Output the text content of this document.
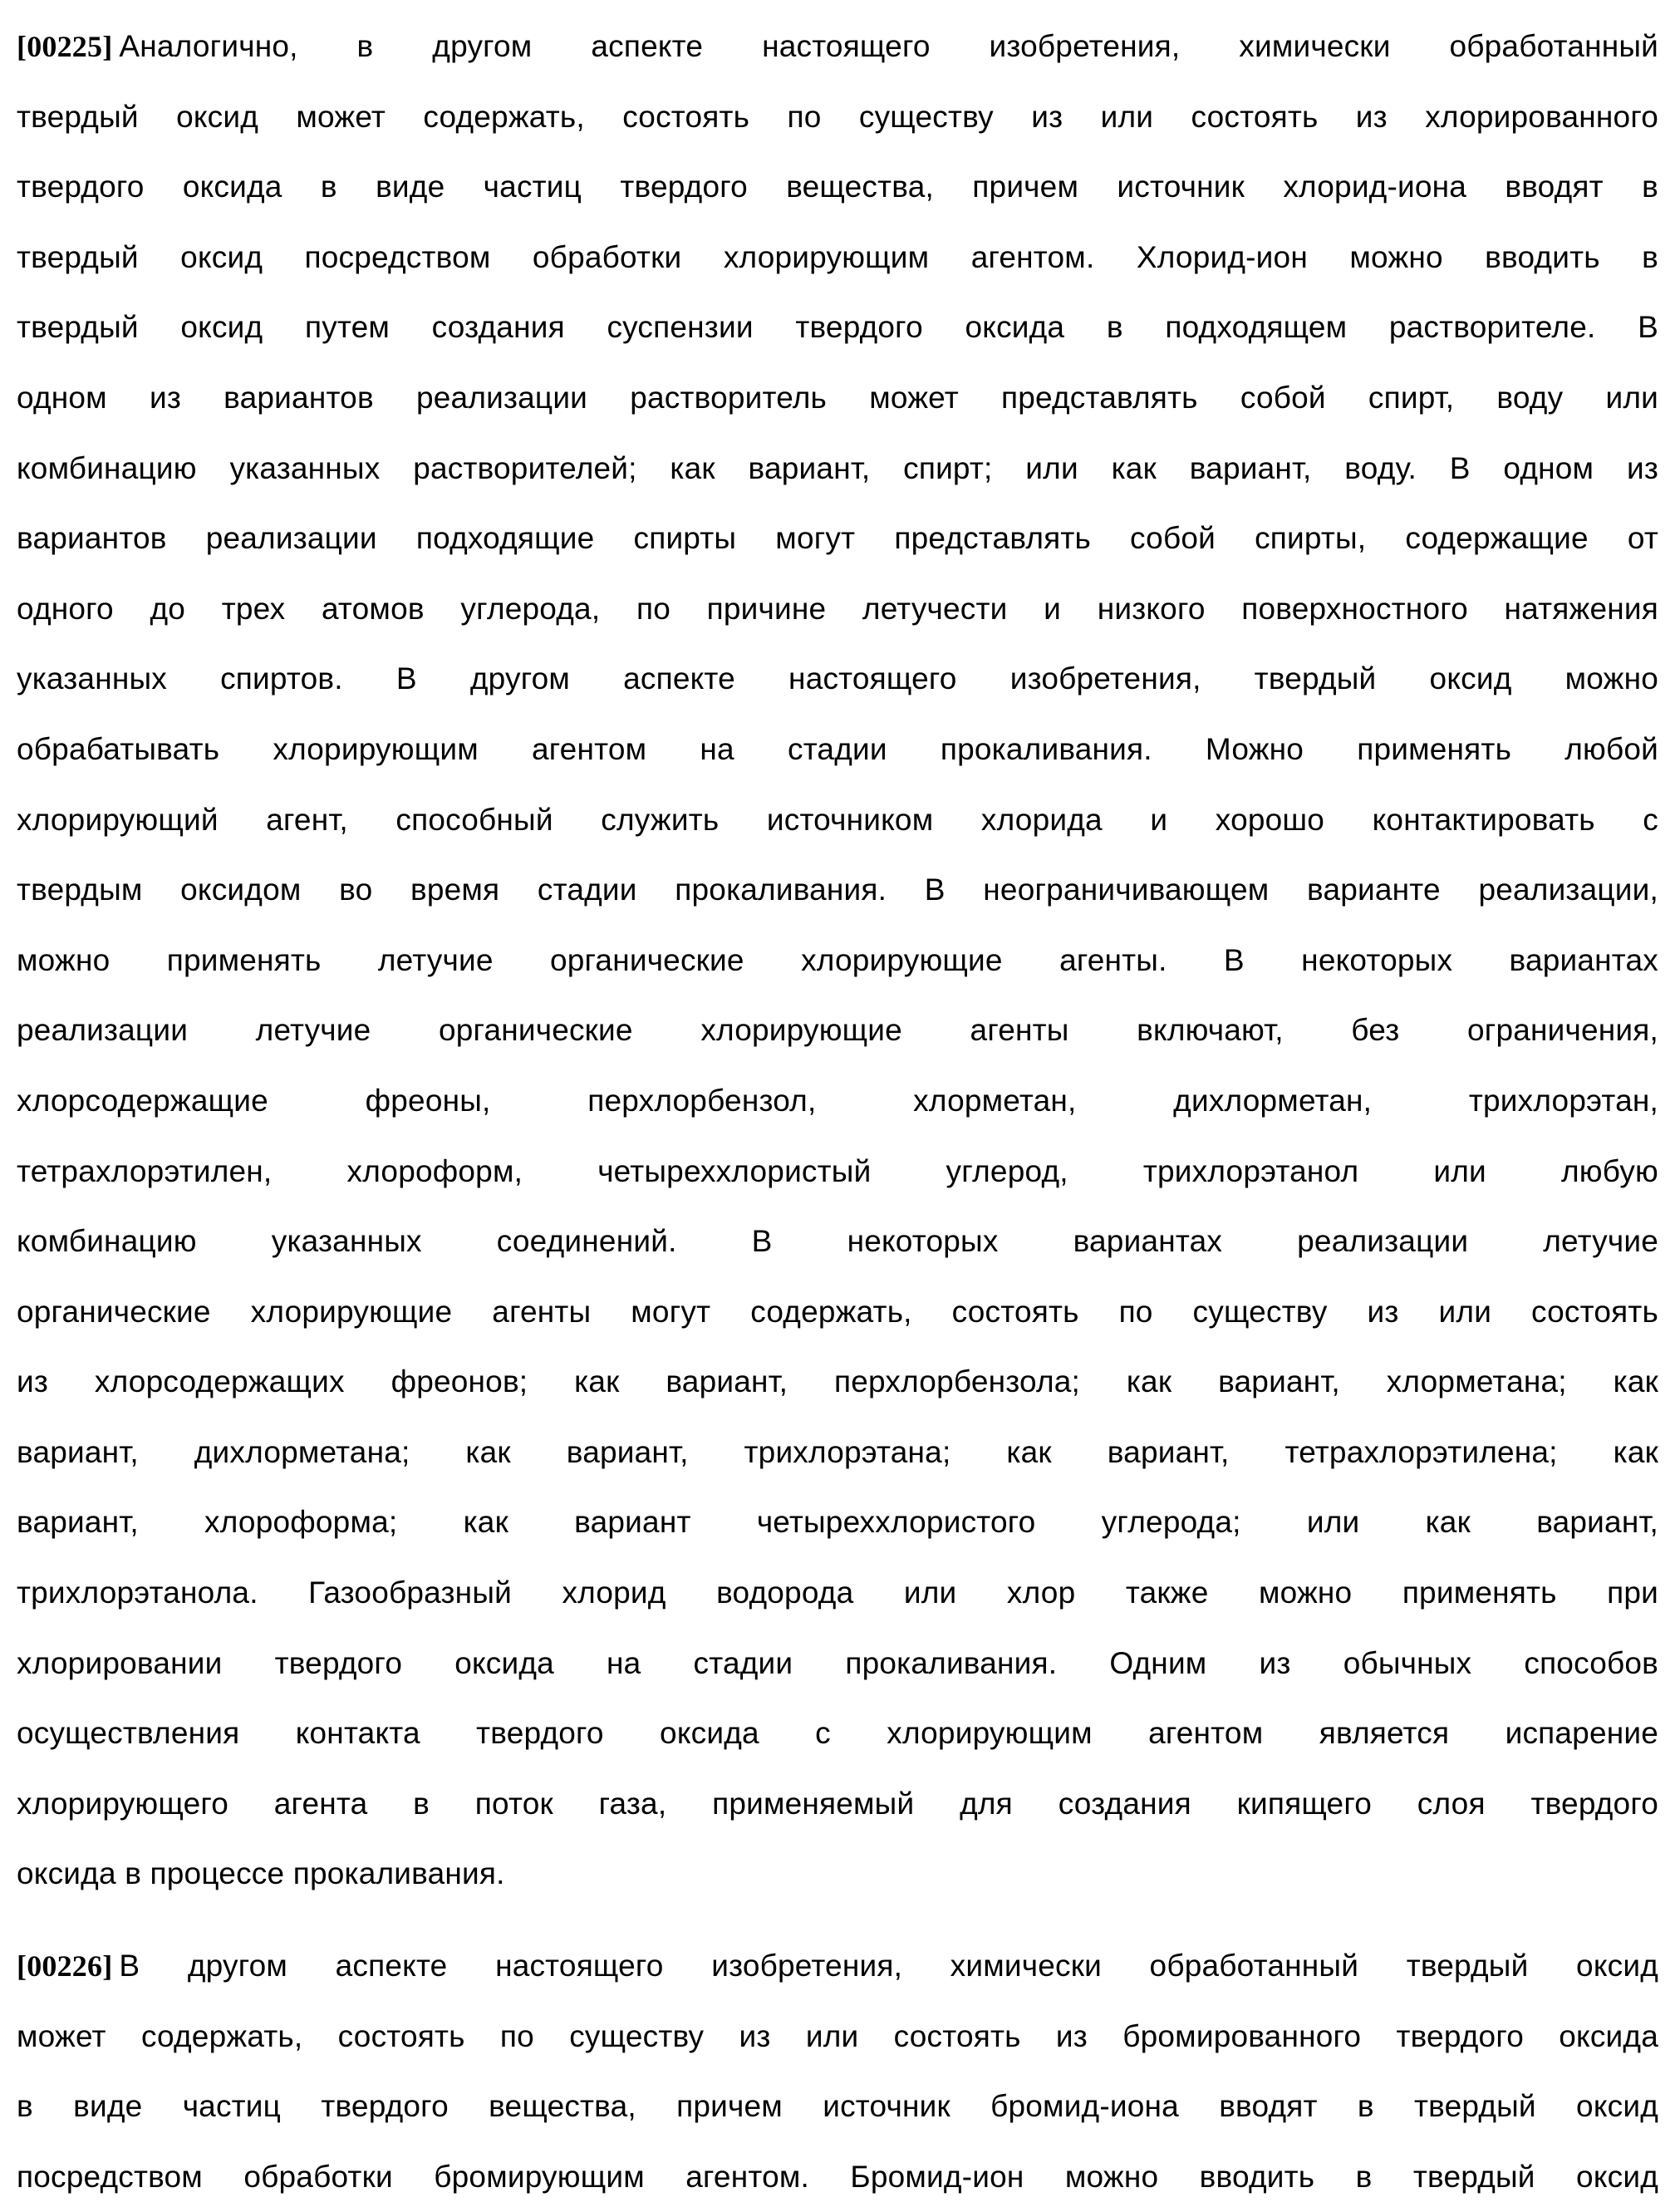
[00225] Аналогично, в другом аспекте настоящего изобретения, химически обработанный
твердый оксид может содержать, состоять по существу из или состоять из хлорированного
твердого оксида в виде частиц твердого вещества, причем источник хлорид-иона вводят в
твердый оксид посредством обработки хлорирующим агентом. Хлорид-ион можно вводить в
твердый оксид путем создания суспензии твердого оксида в подходящем растворителе. В
одном из вариантов реализации растворитель может представлять собой спирт, воду или
комбинацию указанных растворителей; как вариант, спирт; или как вариант, воду. В одном из
вариантов реализации подходящие спирты могут представлять собой спирты, содержащие от
одного до трех атомов углерода, по причине летучести и низкого поверхностного натяжения
указанных спиртов. В другом аспекте настоящего изобретения, твердый оксид можно
обрабатывать хлорирующим агентом на стадии прокаливания. Можно применять любой
хлорирующий агент, способный служить источником хлорида и хорошо контактировать с
твердым оксидом во время стадии прокаливания. В неограничивающем варианте реализации,
можно применять летучие органические хлорирующие агенты. В некоторых вариантах
реализации летучие органические хлорирующие агенты включают, без ограничения,
хлорсодержащие фреоны, перхлорбензол, хлорметан, дихлорметан, трихлорэтан,
тетрахлорэтилен, хлороформ, четыреххлористый углерод, трихлорэтанол или любую
комбинацию указанных соединений. В некоторых вариантах реализации летучие
органические хлорирующие агенты могут содержать, состоять по существу из или состоять
из хлорсодержащих фреонов; как вариант, перхлорбензола; как вариант, хлорметана; как
вариант, дихлорметана; как вариант, трихлорэтана; как вариант, тетрахлорэтилена; как
вариант, хлороформа; как вариант четыреххлористого углерода; или как вариант,
трихлорэтанола. Газообразный хлорид водорода или хлор также можно применять при
хлорировании твердого оксида на стадии прокаливания. Одним из обычных способов
осуществления контакта твердого оксида с хлорирующим агентом является испарение
хлорирующего агента в поток газа, применяемый для создания кипящего слоя твердого
оксида в процессе прокаливания.
[00226] В другом аспекте настоящего изобретения, химически обработанный твердый оксид
может содержать, состоять по существу из или состоять из бромированного твердого оксида
в виде частиц твердого вещества, причем источник бромид-иона вводят в твердый оксид
посредством обработки бромирующим агентом. Бромид-ион можно вводить в твердый оксид
